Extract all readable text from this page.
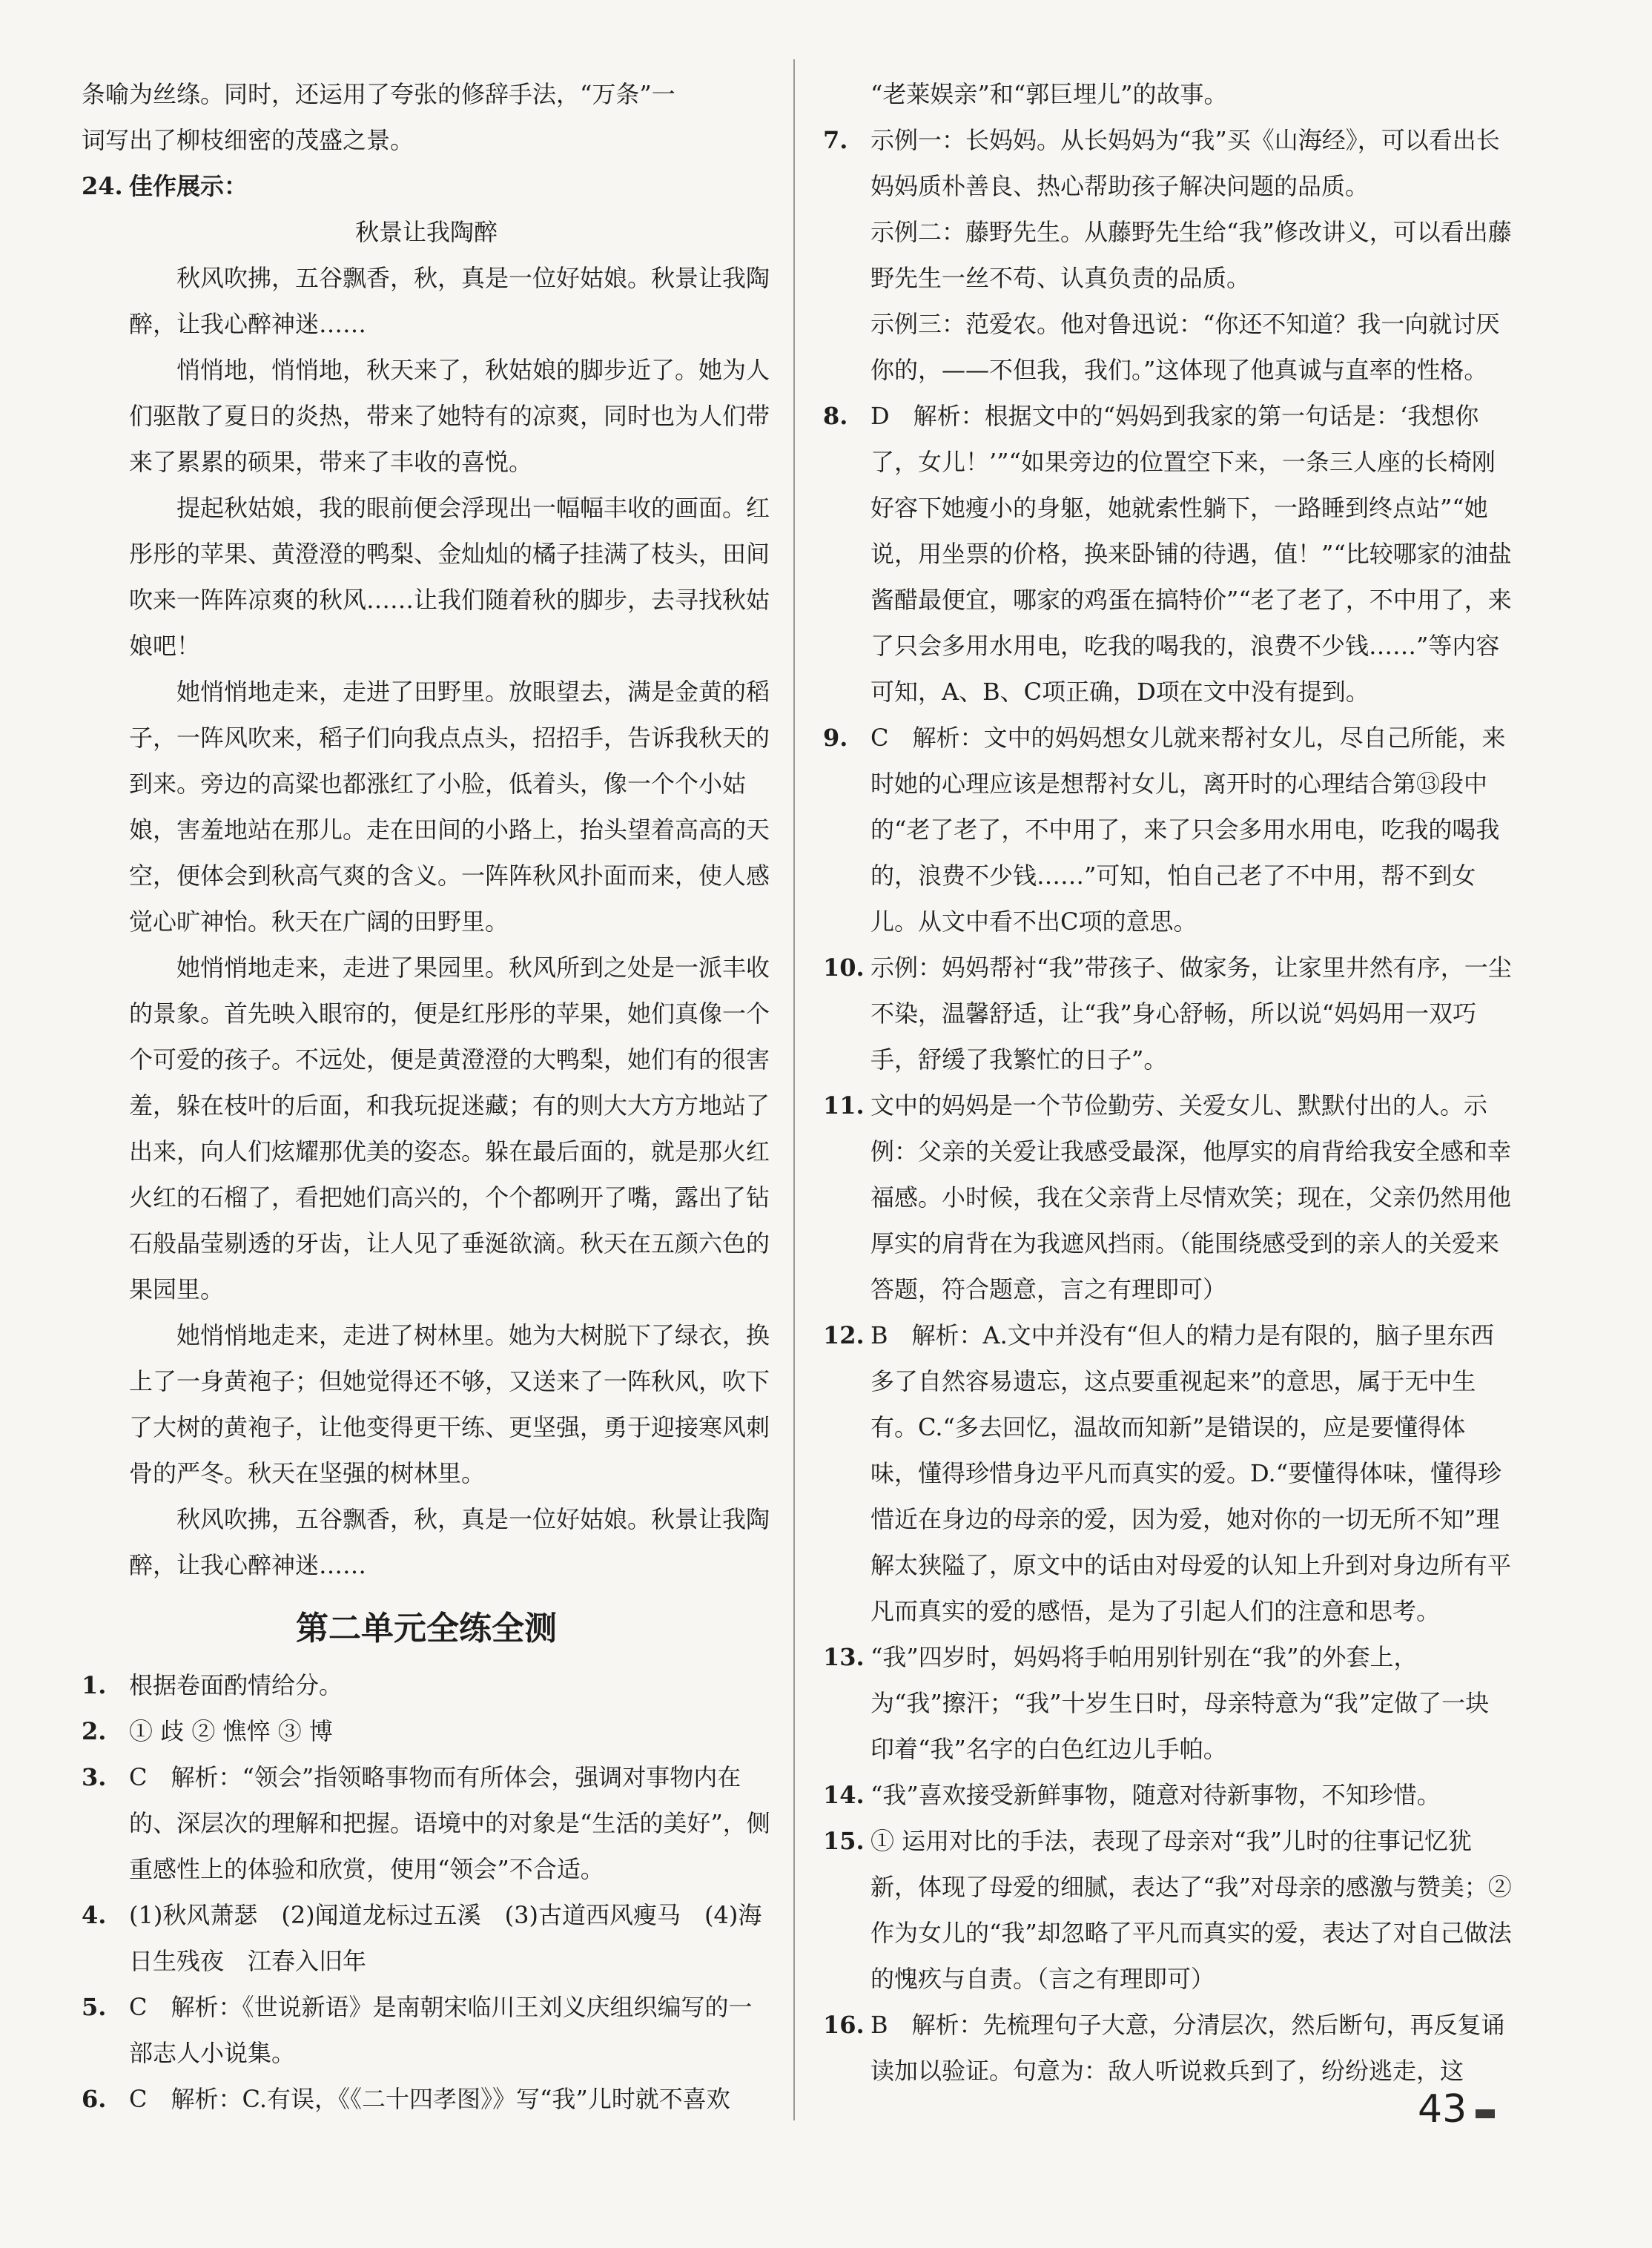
条喻为丝绦。同时，还运用了夸张的修辞手法，“万条”一

词写出了柳枝细密的茂盛之景。

24. 佳作展示：

秋景让我陶醉

秋风吹拂，五谷飘香，秋，真是一位好姑娘。秋景让我陶醉，让我心醉神迷……

悄悄地，悄悄地，秋天来了，秋姑娘的脚步近了。她为人们驱散了夏日的炎热，带来了她特有的凉爽，同时也为人们带来了累累的硕果，带来了丰收的喜悦。

提起秋姑娘，我的眼前便会浮现出一幅幅丰收的画面。红彤彤的苹果、黄澄澄的鸭梨、金灿灿的橘子挂满了枝头，田间吹来一阵阵凉爽的秋风……让我们随着秋的脚步，去寻找秋姑娘吧！

她悄悄地走来，走进了田野里。放眼望去，满是金黄的稻子，一阵风吹来，稻子们向我点点头，招招手，告诉我秋天的到来。旁边的高粱也都涨红了小脸，低着头，像一个个小姑娘，害羞地站在那儿。走在田间的小路上，抬头望着高高的天空，便体会到秋高气爽的含义。一阵阵秋风扑面而来，使人感觉心旷神怡。秋天在广阔的田野里。

她悄悄地走来，走进了果园里。秋风所到之处是一派丰收的景象。首先映入眼帘的，便是红彤彤的苹果，她们真像一个个可爱的孩子。不远处，便是黄澄澄的大鸭梨，她们有的很害羞，躲在枝叶的后面，和我玩捉迷藏；有的则大大方方地站了出来，向人们炫耀那优美的姿态。躲在最后面的，就是那火红火红的石榴了，看把她们高兴的，个个都咧开了嘴，露出了钻石般晶莹剔透的牙齿，让人见了垂涎欲滴。秋天在五颜六色的果园里。

她悄悄地走来，走进了树林里。她为大树脱下了绿衣，换上了一身黄袍子；但她觉得还不够，又送来了一阵秋风，吹下了大树的黄袍子，让他变得更干练、更坚强，勇于迎接寒风刺骨的严冬。秋天在坚强的树林里。

秋风吹拂，五谷飘香，秋，真是一位好姑娘。秋景让我陶醉，让我心醉神迷……

第二单元全练全测
1. 根据卷面酌情给分。
2. ① 歧 ② 憔悴 ③ 博
3. C　解析：“领会”指领略事物而有所体会，强调对事物内在的、深层次的理解和把握。语境中的对象是“生活的美好”，侧重感性上的体验和欣赏，使用“领会”不合适。
4. (1)秋风萧瑟　(2)闻道龙标过五溪　(3)古道西风瘦马　(4)海日生残夜　江春入旧年
5. C　解析：《世说新语》是南朝宋临川王刘义庆组织编写的一部志人小说集。
6. C　解析：C.有误，《《二十四孝图》》写“我”儿时就不喜欢

“老莱娱亲”和“郭巨埋儿”的故事。

7. 示例一：长妈妈。从长妈妈为“我”买《山海经》，可以看出长妈妈质朴善良、热心帮助孩子解决问题的品质。
示例二：藤野先生。从藤野先生给“我”修改讲义，可以看出藤野先生一丝不苟、认真负责的品质。
示例三：范爱农。他对鲁迅说：“你还不知道？我一向就讨厌你的，——不但我，我们。”这体现了他真诚与直率的性格。
8. D　解析：根据文中的“妈妈到我家的第一句话是：‘我想你了，女儿！’”“如果旁边的位置空下来，一条三人座的长椅刚好容下她瘦小的身躯，她就索性躺下，一路睡到终点站”“她说，用坐票的价格，换来卧铺的待遇，值！”“比较哪家的油盐酱醋最便宜，哪家的鸡蛋在搞特价”“老了老了，不中用了，来了只会多用水用电，吃我的喝我的，浪费不少钱……”等内容可知，A、B、C项正确，D项在文中没有提到。
9. C　解析：文中的妈妈想女儿就来帮衬女儿，尽自己所能，来时她的心理应该是想帮衬女儿，离开时的心理结合第⑬段中的“老了老了，不中用了，来了只会多用水用电，吃我的喝我的，浪费不少钱……”可知，怕自己老了不中用，帮不到女儿。从文中看不出C项的意思。
10. 示例：妈妈帮衬“我”带孩子、做家务，让家里井然有序，一尘不染，温馨舒适，让“我”身心舒畅，所以说“妈妈用一双巧手，舒缓了我繁忙的日子”。
11. 文中的妈妈是一个节俭勤劳、关爱女儿、默默付出的人。示例：父亲的关爱让我感受最深，他厚实的肩背给我安全感和幸福感。小时候，我在父亲背上尽情欢笑；现在，父亲仍然用他厚实的肩背在为我遮风挡雨。（能围绕感受到的亲人的关爱来答题，符合题意，言之有理即可）
12. B　解析：A.文中并没有“但人的精力是有限的，脑子里东西多了自然容易遗忘，这点要重视起来”的意思，属于无中生有。C.“多去回忆，温故而知新”是错误的，应是要懂得体味，懂得珍惜身边平凡而真实的爱。D.“要懂得体味，懂得珍惜近在身边的母亲的爱，因为爱，她对你的一切无所不知”理解太狭隘了，原文中的话由对母爱的认知上升到对身边所有平凡而真实的爱的感悟，是为了引起人们的注意和思考。
13. “我”四岁时，妈妈将手帕用别针别在“我”的外套上，为“我”擦汗；“我”十岁生日时，母亲特意为“我”定做了一块印着“我”名字的白色红边儿手帕。
14. “我”喜欢接受新鲜事物，随意对待新事物，不知珍惜。
15. ① 运用对比的手法，表现了母亲对“我”儿时的往事记忆犹新，体现了母爱的细腻，表达了“我”对母亲的感激与赞美；② 作为女儿的“我”却忽略了平凡而真实的爱，表达了对自己做法的愧疚与自责。（言之有理即可）
16. B　解析：先梳理句子大意，分清层次，然后断句，再反复诵读加以验证。句意为：敌人听说救兵到了，纷纷逃走，这
43
